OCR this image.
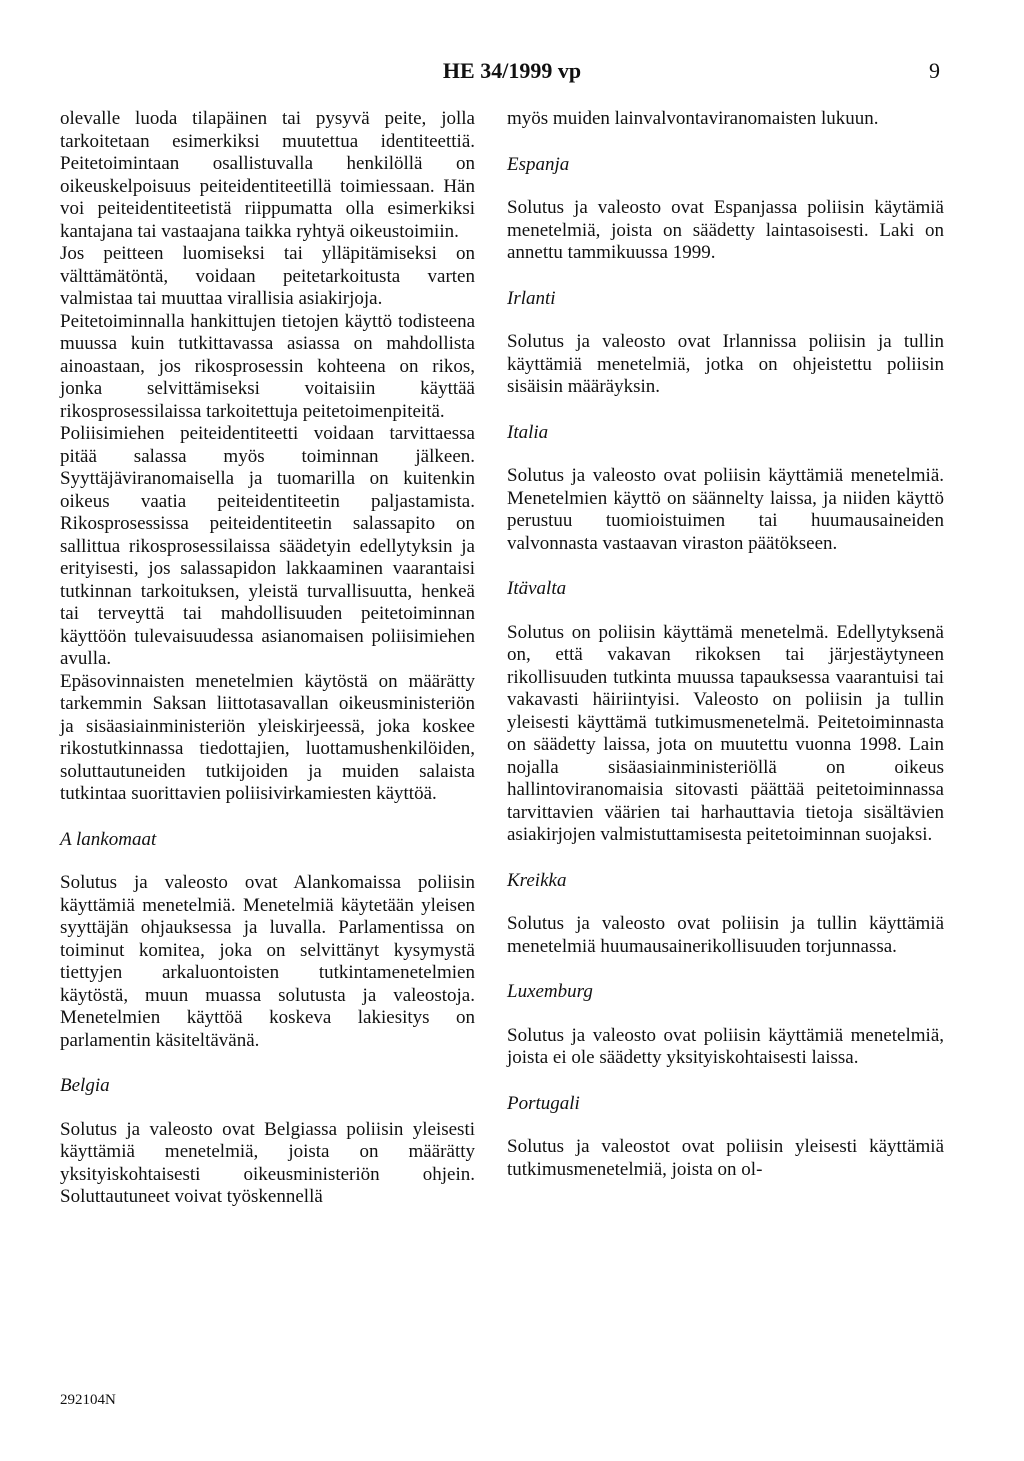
HE 34/1999 vp	9

olevalle luoda tilapäinen tai pysyvä peite, jolla tarkoitetaan esimerkiksi muutettua identiteettiä. Peitetoimintaan osallistuvalla henkilöllä on oikeuskelpoisuus peiteidentiteetillä toimiessaan. Hän voi peiteidentiteetistä riippumatta olla esimerkiksi kantajana tai vastaajana taikka ryhtyä oikeustoimiin.

Jos peitteen luomiseksi tai ylläpitämiseksi on välttämätöntä, voidaan peitetarkoitusta varten valmistaa tai muuttaa virallisia asiakirjoja.

Peitetoiminnalla hankittujen tietojen käyttö todisteena muussa kuin tutkittavassa asiassa on mahdollista ainoastaan, jos rikosprosessin kohteena on rikos, jonka selvittämiseksi voitaisiin käyttää rikosprosessilaissa tarkoitettuja peitetoimenpiteitä.

Poliisimiehen peiteidentiteetti voidaan tarvittaessa pitää salassa myös toiminnan jälkeen. Syyttäjäviranomaisella ja tuomarilla on kuitenkin oikeus vaatia peiteidentiteetin paljastamista. Rikosprosessissa peiteidentiteetin salassapito on sallittua rikosprosessilaissa säädetyin edellytyksin ja erityisesti, jos salassapidon lakkaaminen vaarantaisi tutkinnan tarkoituksen, yleistä turvallisuutta, henkeä tai terveyttä tai mahdollisuuden peitetoiminnan käyttöön tulevaisuudessa asianomaisen poliisimiehen avulla.

Epäsovinnaisten menetelmien käytöstä on määrätty tarkemmin Saksan liittotasavallan oikeusministeriön ja sisäasiainministeriön yleiskirjeessä, joka koskee rikostutkinnassa tiedottajien, luottamushenkilöiden, soluttautuneiden tutkijoiden ja muiden salaista tutkintaa suorittavien poliisivirkamiesten käyttöä.

A lankomaat

Solutus ja valeosto ovat Alankomaissa poliisin käyttämiä menetelmiä. Menetelmiä käytetään yleisen syyttäjän ohjauksessa ja luvalla. Parlamentissa on toiminut komitea, joka on selvittänyt kysymystä tiettyjen arkaluontoisten tutkintamenetelmien käytöstä, muun muassa solutusta ja valeostoja. Menetelmien käyttöä koskeva lakiesitys on parlamentin käsiteltävänä.

Belgia

Solutus ja valeosto ovat Belgiassa poliisin yleisesti käyttämiä menetelmiä, joista on määrätty yksityiskohtaisesti oikeusministeriön ohjein. Soluttautuneet voivat työskennellä

myös muiden lainvalvontaviranomaisten lukuun.

Espanja

Solutus ja valeosto ovat Espanjassa poliisin käytämiä menetelmiä, joista on säädetty laintasoisesti. Laki on annettu tammikuussa 1999.

Irlanti

Solutus ja valeosto ovat Irlannissa poliisin ja tullin käyttämiä menetelmiä, jotka on ohjeistettu poliisin sisäisin määräyksin.

Italia

Solutus ja valeosto ovat poliisin käyttämiä menetelmiä. Menetelmien käyttö on säännelty laissa, ja niiden käyttö perustuu tuomioistuimen tai huumausaineiden valvonnasta vastaavan viraston päätökseen.

Itävalta

Solutus on poliisin käyttämä menetelmä. Edellytyksenä on, että vakavan rikoksen tai järjestäytyneen rikollisuuden tutkinta muussa tapauksessa vaarantuisi tai vakavasti häiriintyisi. Valeosto on poliisin ja tullin yleisesti käyttämä tutkimusmenetelmä. Peitetoiminnasta on säädetty laissa, jota on muutettu vuonna 1998. Lain nojalla sisäasiainministeriöllä on oikeus hallintoviranomaisia sitovasti päättää peitetoiminnassa tarvittavien väärien tai harhauttavia tietoja sisältävien asiakirjojen valmistuttamisesta peitetoiminnan suojaksi.

Kreikka

Solutus ja valeosto ovat poliisin ja tullin käyttämiä menetelmiä huumausainerikollisuuden torjunnassa.

Luxemburg

Solutus ja valeosto ovat poliisin käyttämiä menetelmiä, joista ei ole säädetty yksityiskohtaisesti laissa.

Portugali

Solutus ja valeostot ovat poliisin yleisesti käyttämiä tutkimusmenetelmiä, joista on ol-

292104N
